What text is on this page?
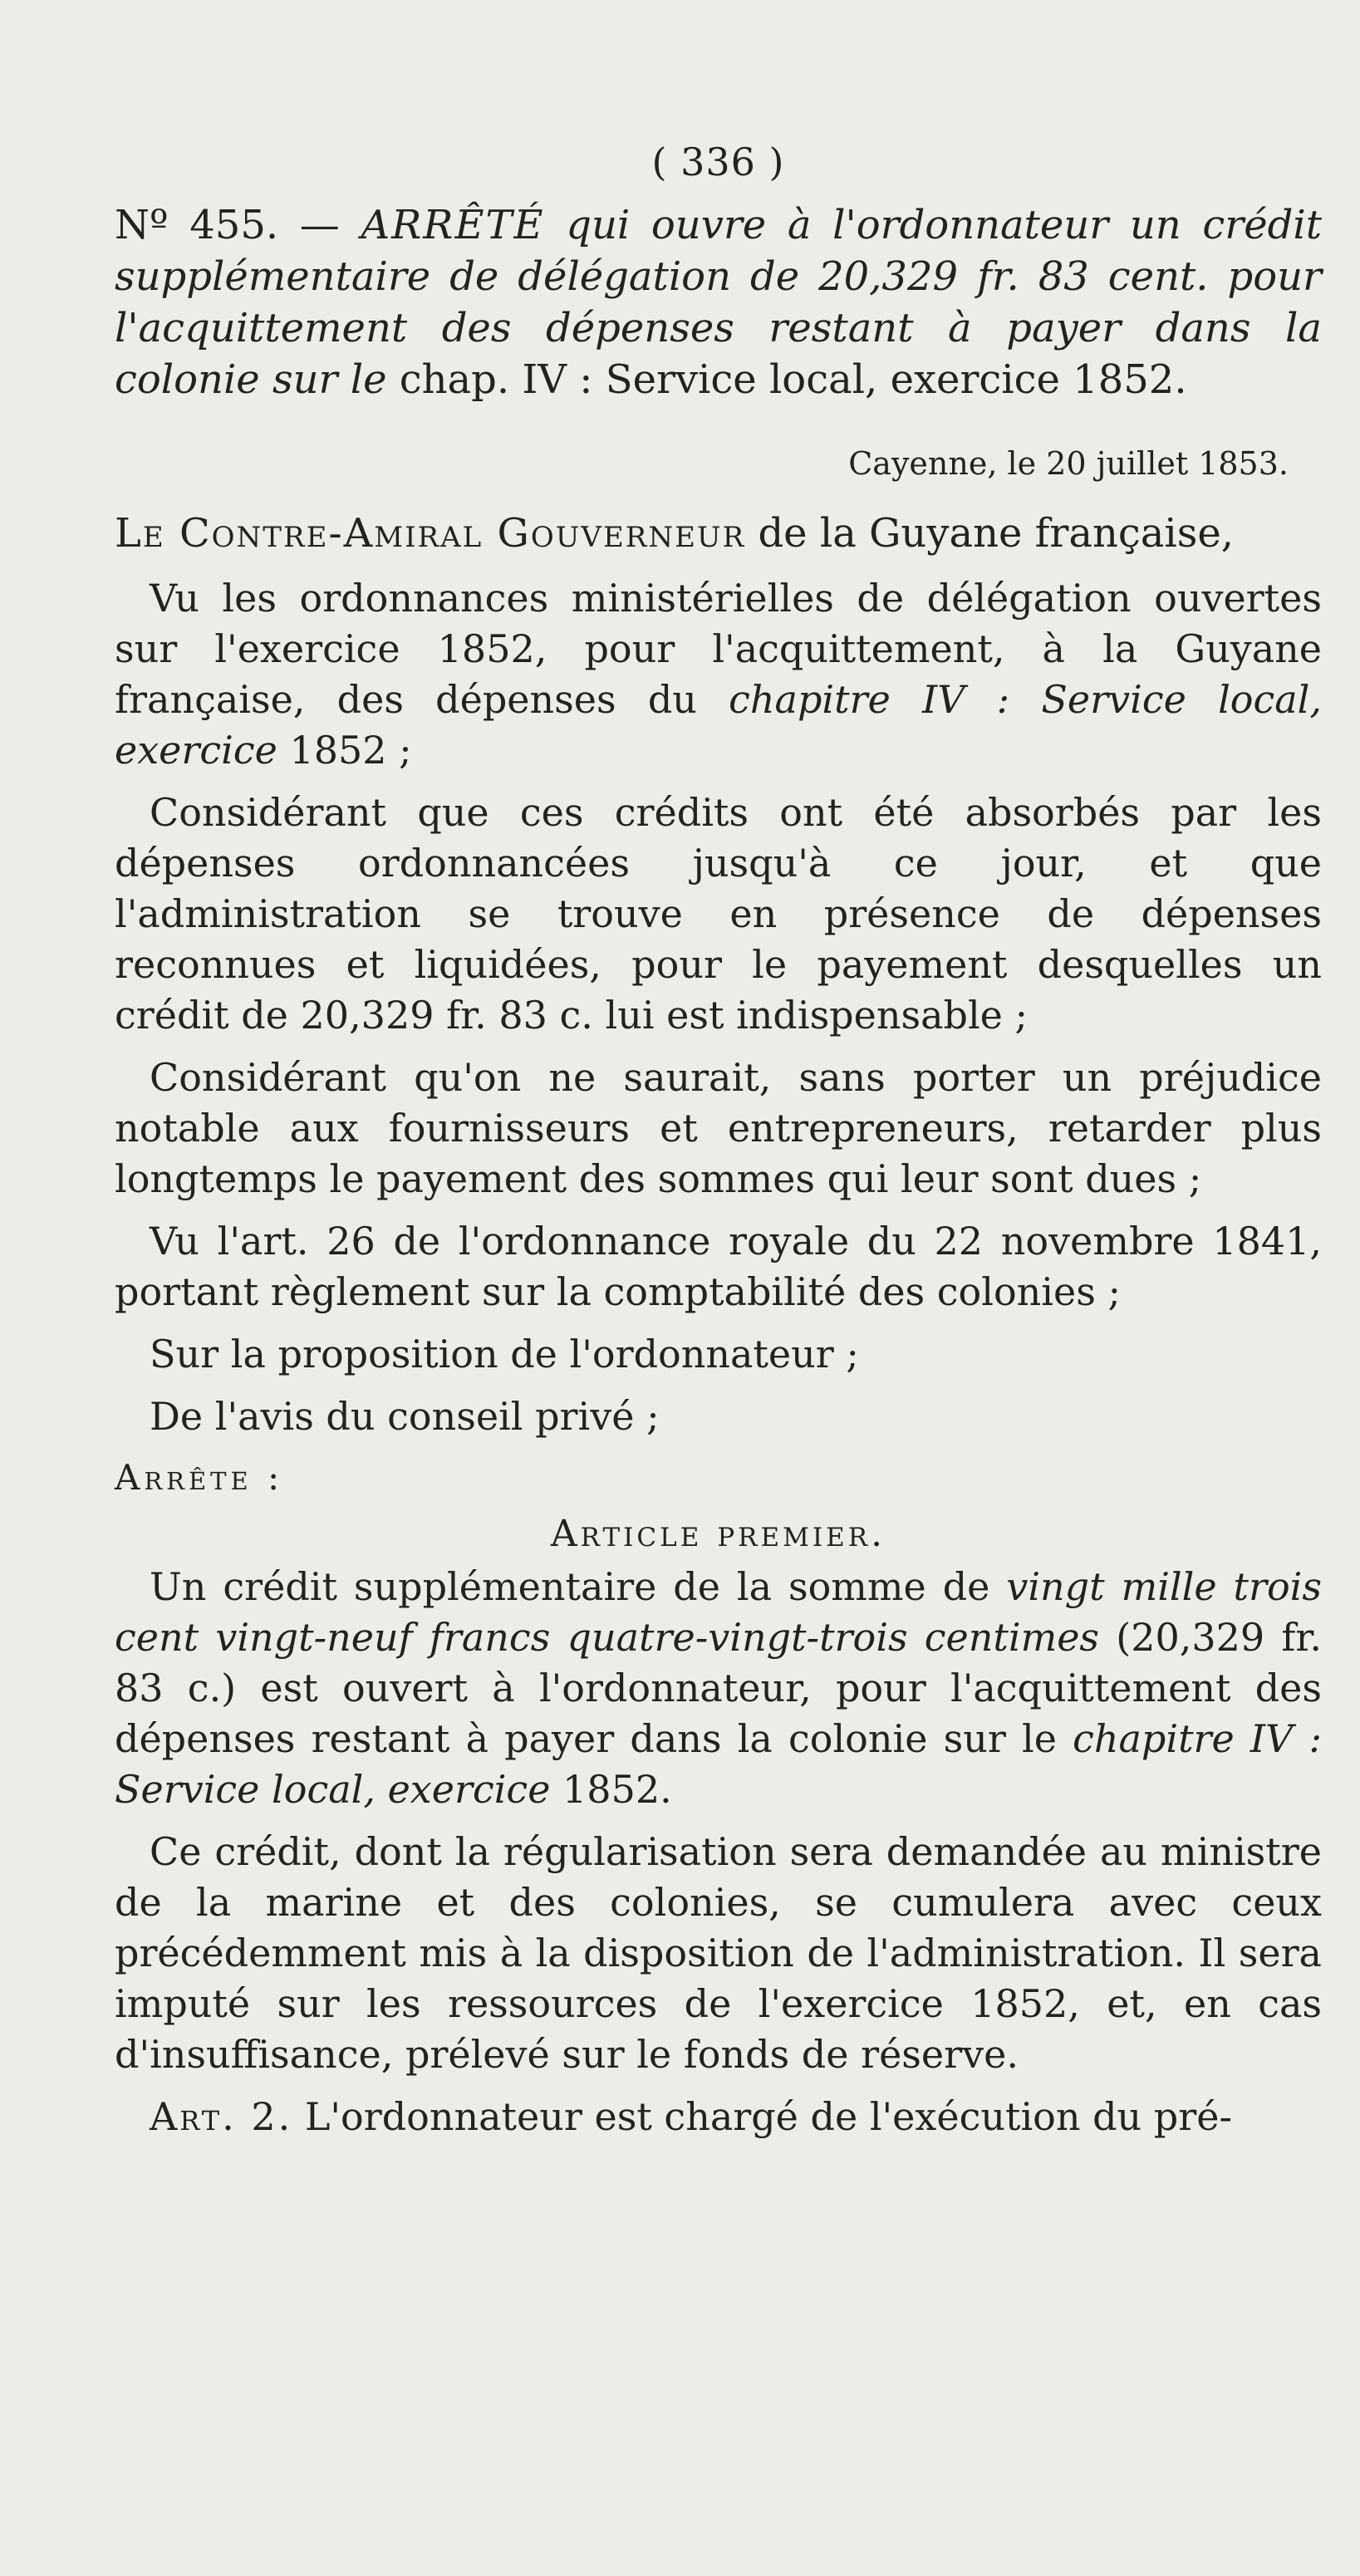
( 336 )

Nº 455. — ARRÊTÉ qui ouvre à l'ordonnateur un crédit supplémentaire de délégation de 20,329 fr. 83 cent. pour l'acquittement des dépenses restant à payer dans la colonie sur le chap. IV : Service local, exercice 1852.

Cayenne, le 20 juillet 1853.
Le Contre-Amiral Gouverneur de la Guyane française,

Vu les ordonnances ministérielles de délégation ouvertes sur l'exercice 1852, pour l'acquittement, à la Guyane française, des dépenses du chapitre IV : Service local, exercice 1852 ;

Considérant que ces crédits ont été absorbés par les dépenses ordonnancées jusqu'à ce jour, et que l'administration se trouve en présence de dépenses reconnues et liquidées, pour le payement desquelles un crédit de 20,329 fr. 83 c. lui est indispensable ;

Considérant qu'on ne saurait, sans porter un préjudice notable aux fournisseurs et entrepreneurs, retarder plus longtemps le payement des sommes qui leur sont dues ;

Vu l'art. 26 de l'ordonnance royale du 22 novembre 1841, portant règlement sur la comptabilité des colonies ;

Sur la proposition de l'ordonnateur ;

De l'avis du conseil privé ;

Arrête :
Article premier.

Un crédit supplémentaire de la somme de vingt mille trois cent vingt-neuf francs quatre-vingt-trois centimes (20,329 fr. 83 c.) est ouvert à l'ordonnateur, pour l'acquittement des dépenses restant à payer dans la colonie sur le chapitre IV : Service local, exercice 1852.

Ce crédit, dont la régularisation sera demandée au ministre de la marine et des colonies, se cumulera avec ceux précédemment mis à la disposition de l'administration. Il sera imputé sur les ressources de l'exercice 1852, et, en cas d'insuffisance, prélevé sur le fonds de réserve.

Art. 2. L'ordonnateur est chargé de l'exécution du pré-
